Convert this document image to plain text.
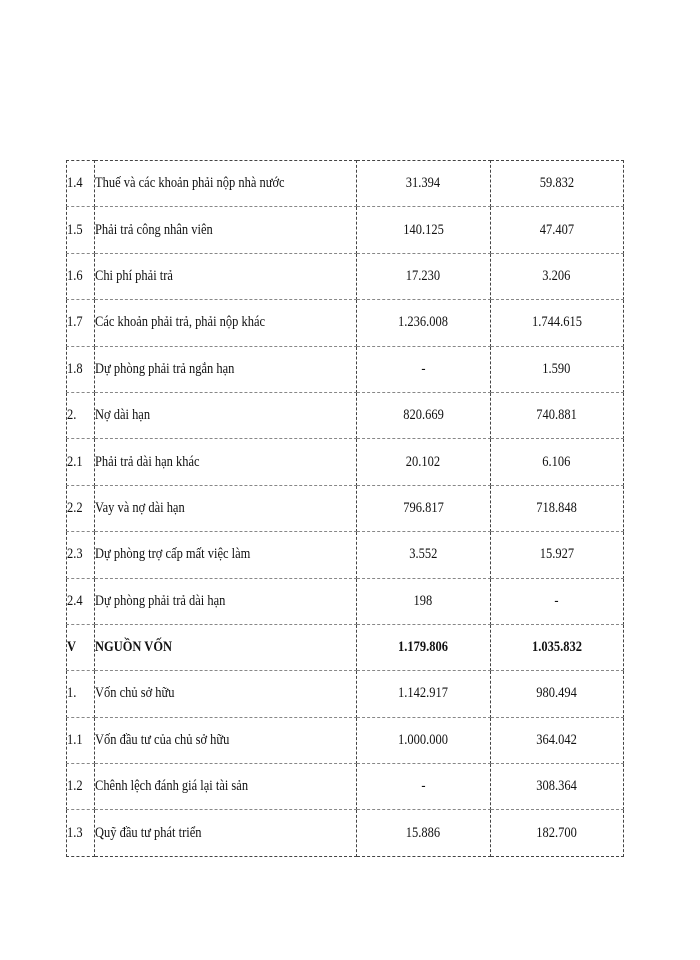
1.4	Thuế và các khoản phải nộp nhà nước	31.394	59.832
1.5	Phải trả công nhân viên	140.125	47.407
1.6	Chi phí phải trả	17.230	3.206
1.7	Các khoản phải trả, phải nộp khác	1.236.008	1.744.615
1.8	Dự phòng phải trả ngắn hạn	-	1.590
2.	Nợ dài hạn	820.669	740.881
2.1	Phải trả dài hạn khác	20.102	6.106
2.2	Vay và nợ dài hạn	796.817	718.848
2.3	Dự phòng trợ cấp mất việc làm	3.552	15.927
2.4	Dự phòng phải trả dài hạn	198	-
V	NGUỒN VỐN	1.179.806	1.035.832
1.	Vốn chủ sở hữu	1.142.917	980.494
1.1	Vốn đầu tư của chủ sở hữu	1.000.000	364.042
1.2	Chênh lệch đánh giá lại tài sản	-	308.364
1.3	Quỹ đầu tư phát triển	15.886	182.700
